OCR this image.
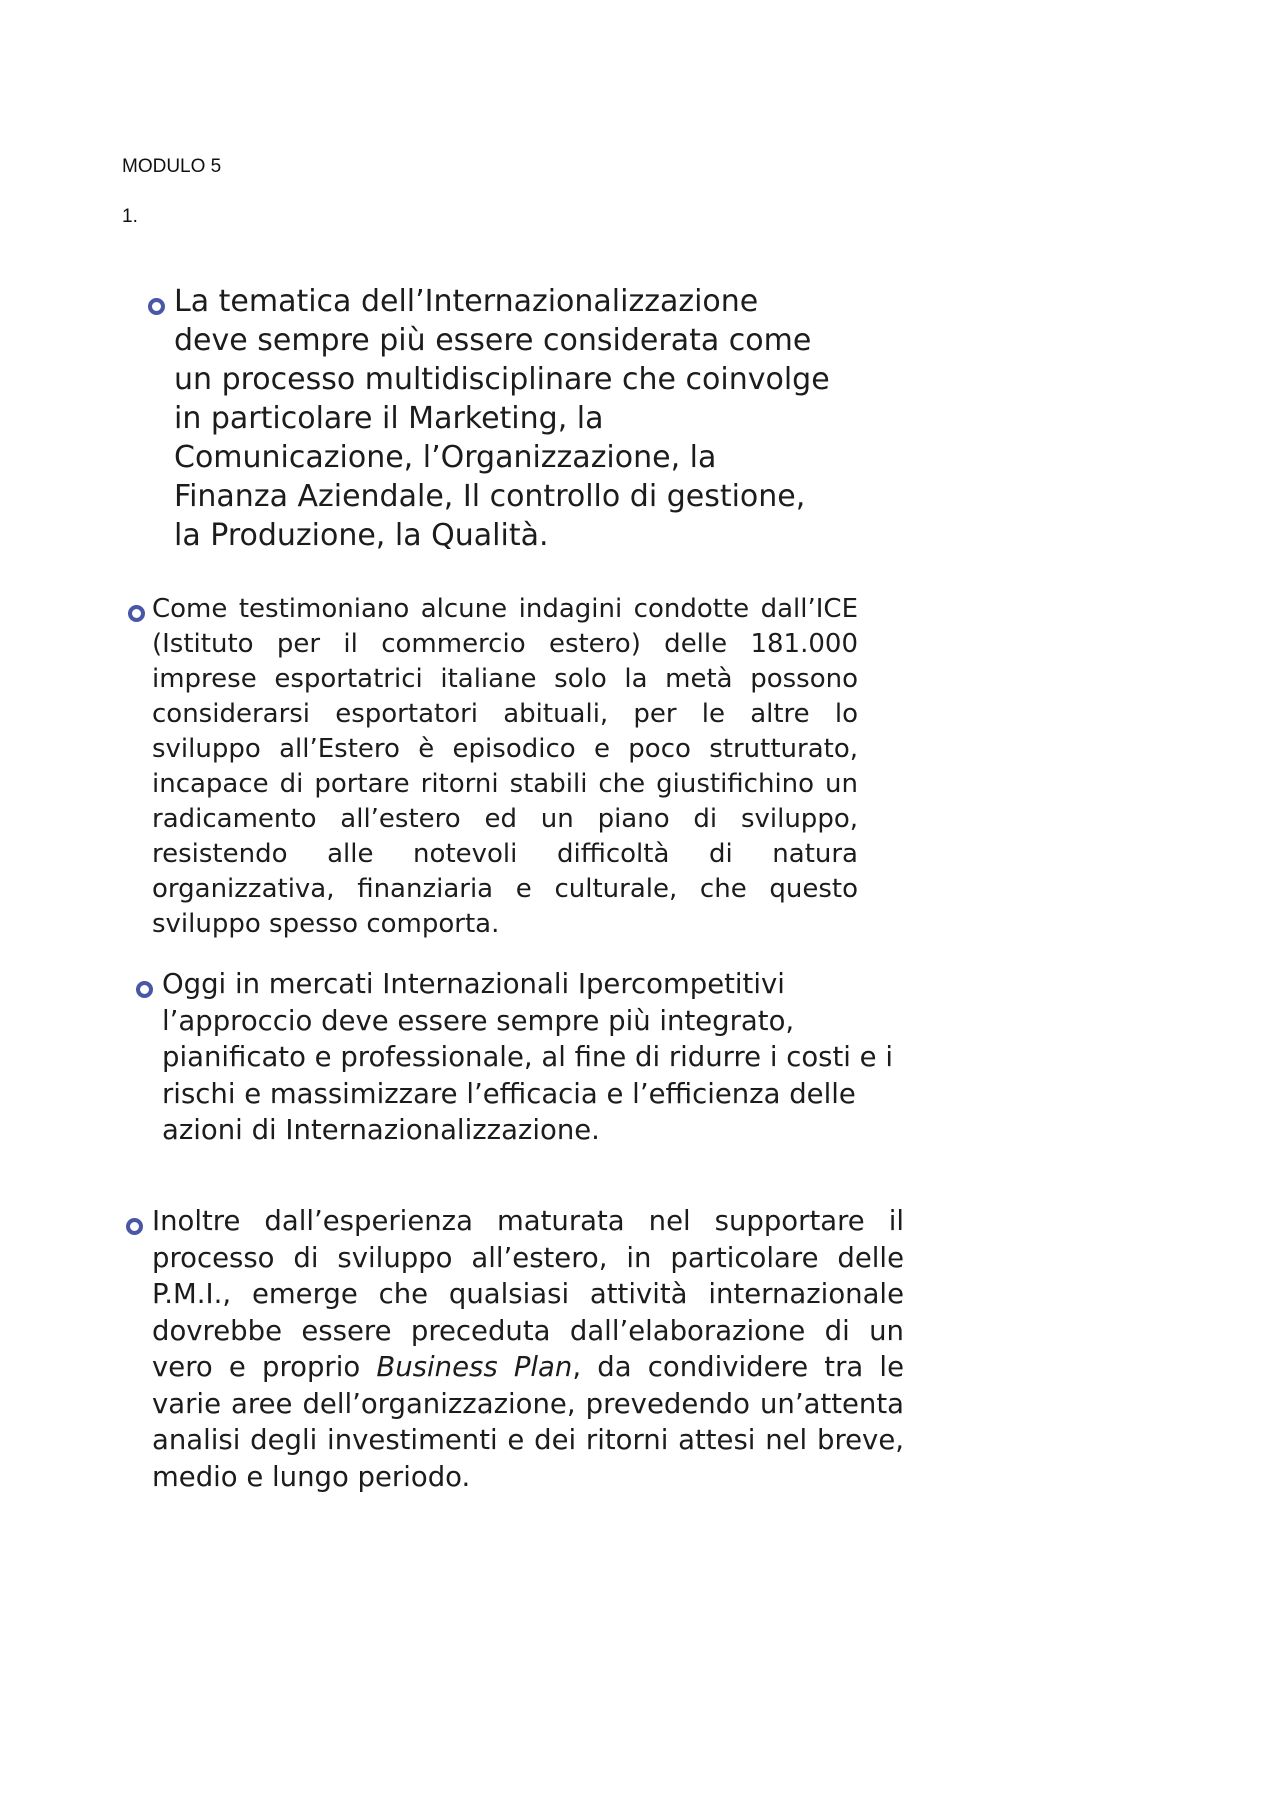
MODULO 5
1.

La tematica dell’Internazionalizzazione deve sempre più essere considerata come un processo multidisciplinare che coinvolge in particolare il Marketing, la Comunicazione, l’Organizzazione, la Finanza Aziendale, Il controllo di gestione, la Produzione, la Qualità.

Come testimoniano alcune indagini condotte dall’ICE (Istituto per il commercio estero) delle 181.000 imprese esportatrici italiane solo la metà possono considerarsi esportatori abituali, per le altre lo sviluppo all’Estero è episodico e poco strutturato, incapace di portare ritorni stabili che giustifichino un radicamento all’estero ed un piano di sviluppo, resistendo alle notevoli difficoltà di natura organizzativa, finanziaria e culturale, che questo sviluppo spesso comporta.

Oggi in mercati Internazionali Ipercompetitivi l’approccio deve essere sempre più integrato, pianificato e professionale, al fine di ridurre i costi e i rischi e massimizzare l’efficacia e l’efficienza delle azioni di Internazionalizzazione.

Inoltre dall’esperienza maturata nel supportare il processo di sviluppo all’estero, in particolare delle P.M.I., emerge che qualsiasi attività internazionale dovrebbe essere preceduta dall’elaborazione di un vero e proprio Business Plan, da condividere tra le varie aree dell’organizzazione, prevedendo un’attenta analisi degli investimenti e dei ritorni attesi nel breve, medio e lungo periodo.
